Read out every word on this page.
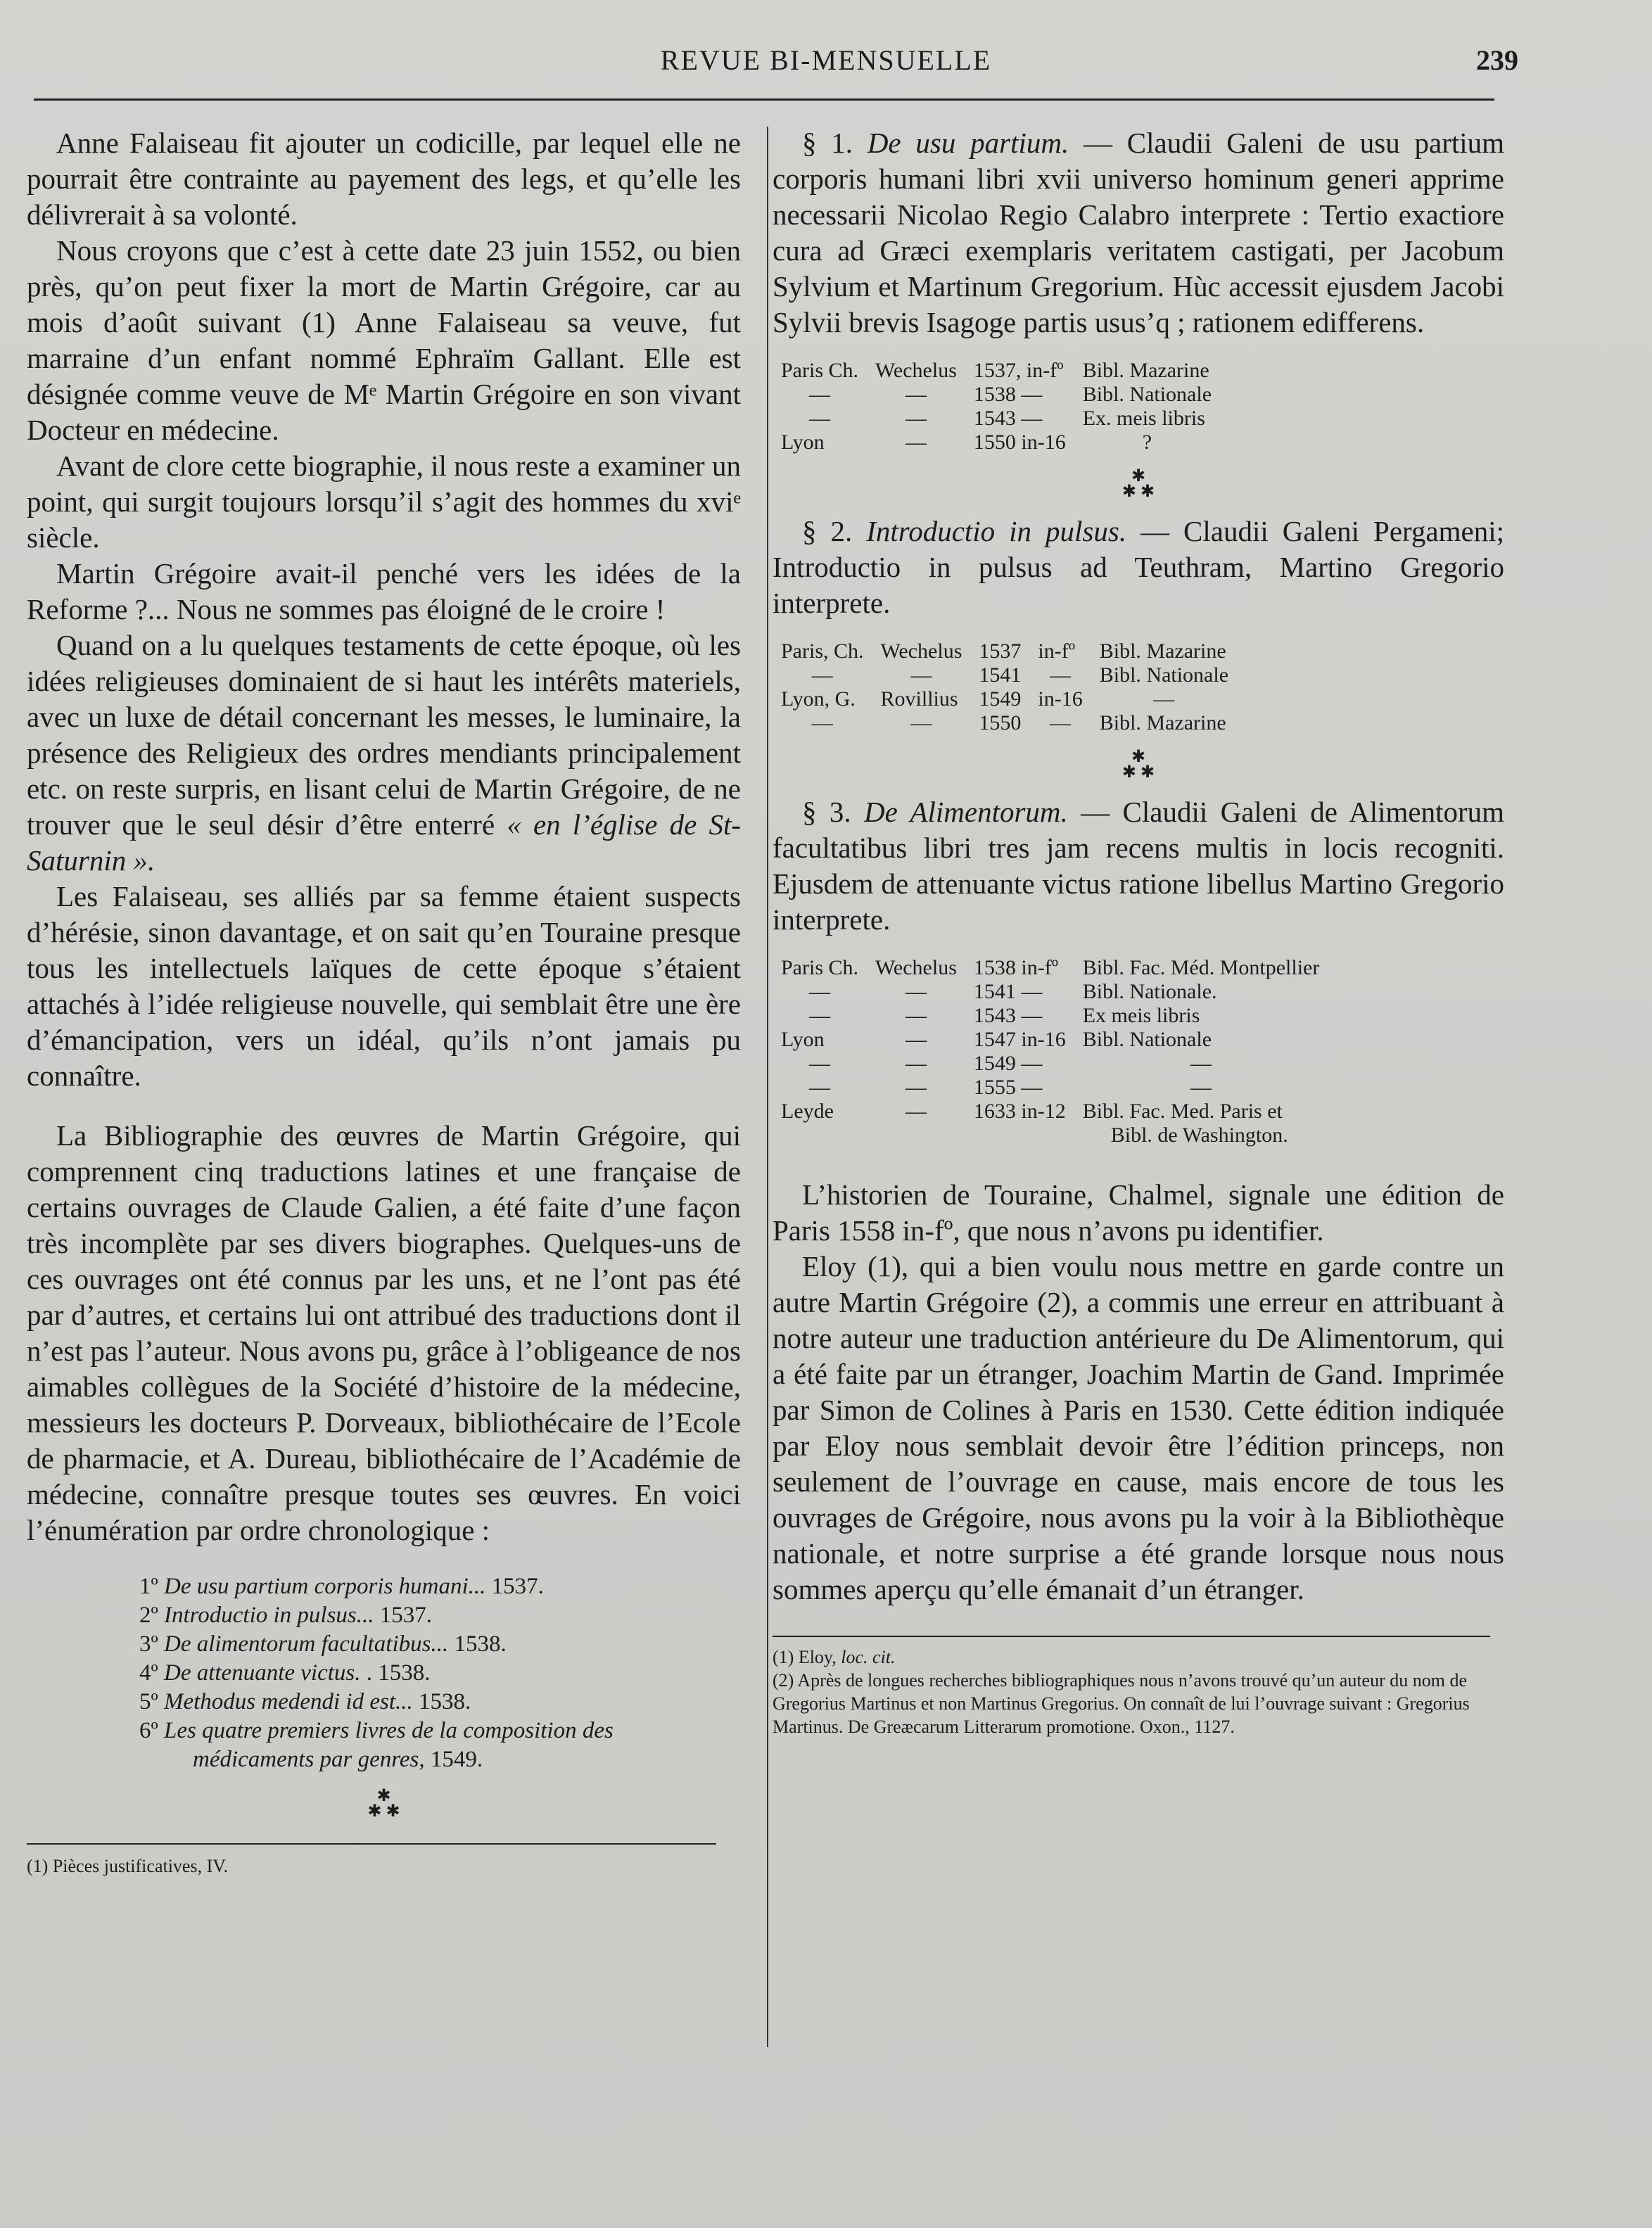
REVUE BI-MENSUELLE	239

Anne Falaiseau fit ajouter un codicille, par lequel elle ne pourrait être contrainte au payement des legs, et qu’elle les délivrerait à sa volonté.

Nous croyons que c’est à cette date 23 juin 1552, ou bien près, qu’on peut fixer la mort de Martin Grégoire, car au mois d’août suivant (1) Anne Falaiseau sa veuve, fut marraine d’un enfant nommé Ephraïm Gallant. Elle est désignée comme veuve de Mᵉ Martin Grégoire en son vivant Docteur en médecine.

Avant de clore cette biographie, il nous reste a examiner un point, qui surgit toujours lorsqu’il s’agit des hommes du xviᵉ siècle.

Martin Grégoire avait-il penché vers les idées de la Reforme ?... Nous ne sommes pas éloigné de le croire !

Quand on a lu quelques testaments de cette époque, où les idées religieuses dominaient de si haut les intérêts materiels, avec un luxe de détail concernant les messes, le luminaire, la présence des Religieux des ordres mendiants principalement etc. on reste surpris, en lisant celui de Martin Grégoire, de ne trouver que le seul désir d’être enterré « en l’église de St-Saturnin ».

Les Falaiseau, ses alliés par sa femme étaient suspects d’hérésie, sinon davantage, et on sait qu’en Touraine presque tous les intellectuels laïques de cette époque s’étaient attachés à l’idée religieuse nouvelle, qui semblait être une ère d’émancipation, vers un idéal, qu’ils n’ont jamais pu connaître.

La Bibliographie des œuvres de Martin Grégoire, qui comprennent cinq traductions latines et une française de certains ouvrages de Claude Galien, a été faite d’une façon très incomplète par ses divers biographes. Quelques-uns de ces ouvrages ont été connus par les uns, et ne l’ont pas été par d’autres, et certains lui ont attribué des traductions dont il n’est pas l’auteur. Nous avons pu, grâce à l’obligeance de nos aimables collègues de la Société d’histoire de la médecine, messieurs les docteurs P. Dorveaux, bibliothécaire de l’Ecole de pharmacie, et A. Dureau, bibliothécaire de l’Académie de médecine, connaître presque toutes ses œuvres. En voici l’énumération par ordre chronologique :

1º De usu partium corporis humani... 1537.
2º Introductio in pulsus... 1537.
3º De alimentorum facultatibus... 1538.
4º De attenuante victus. . 1538.
5º Methodus medendi id est... 1538.
6º Les quatre premiers livres de la composition des
médicaments par genres, 1549.
✱
✱ ✱
(1) Pièces justificatives, IV.

§ 1. De usu partium. — Claudii Galeni de usu partium corporis humani libri xvii universo hominum generi apprime necessarii Nicolao Regio Calabro interprete : Tertio exactiore cura ad Græci exemplaris veritatem castigati, per Jacobum Sylvium et Martinum Gregorium. Hùc accessit ejusdem Jacobi Sylvii brevis Isagoge partis usus’q ; rationem edifferens.

Paris Ch.	Wechelus	1537, in-fº	Bibl. Mazarine
—	—	1538 —	Bibl. Nationale
—	—	1543 —	Ex. meis libris
Lyon	—	1550 in-16	?
✱
✱ ✱

§ 2. Introductio in pulsus. — Claudii Galeni Pergameni; Introductio in pulsus ad Teuthram, Martino Gregorio interprete.

Paris, Ch.	Wechelus	1537	in-fº	Bibl. Mazarine
—	—	1541	—	Bibl. Nationale
Lyon, G.	Rovillius	1549	in-16	—
—	—	1550	—	Bibl. Mazarine
✱
✱ ✱

§ 3. De Alimentorum. — Claudii Galeni de Alimentorum facultatibus libri tres jam recens multis in locis recogniti. Ejusdem de attenuante victus ratione libellus Martino Gregorio interprete.

Paris Ch.	Wechelus	1538 in-fº	Bibl. Fac. Méd. Montpellier
—	—	1541 —	Bibl. Nationale.
—	—	1543 —	Ex meis libris
Lyon	—	1547 in-16	Bibl. Nationale
—	—	1549 —	—
—	—	1555 —	—
Leyde	—	1633 in-12	Bibl. Fac. Med. Paris et
			Bibl. de Washington.

L’historien de Touraine, Chalmel, signale une édition de Paris 1558 in-fº, que nous n’avons pu identifier.

Eloy (1), qui a bien voulu nous mettre en garde contre un autre Martin Grégoire (2), a commis une erreur en attribuant à notre auteur une traduction antérieure du De Alimentorum, qui a été faite par un étranger, Joachim Martin de Gand. Imprimée par Simon de Colines à Paris en 1530. Cette édition indiquée par Eloy nous semblait devoir être l’édition princeps, non seulement de l’ouvrage en cause, mais encore de tous les ouvrages de Grégoire, nous avons pu la voir à la Bibliothèque nationale, et notre surprise a été grande lorsque nous nous sommes aperçu qu’elle émanait d’un étranger.

(1) Eloy, loc. cit.
(2) Après de longues recherches bibliographiques nous n’avons trouvé qu’un auteur du nom de Gregorius Martinus et non Martinus Gregorius. On connaît de lui l’ouvrage suivant : Gregorius Martinus. De Greæcarum Litterarum promotione. Oxon., 1127.
